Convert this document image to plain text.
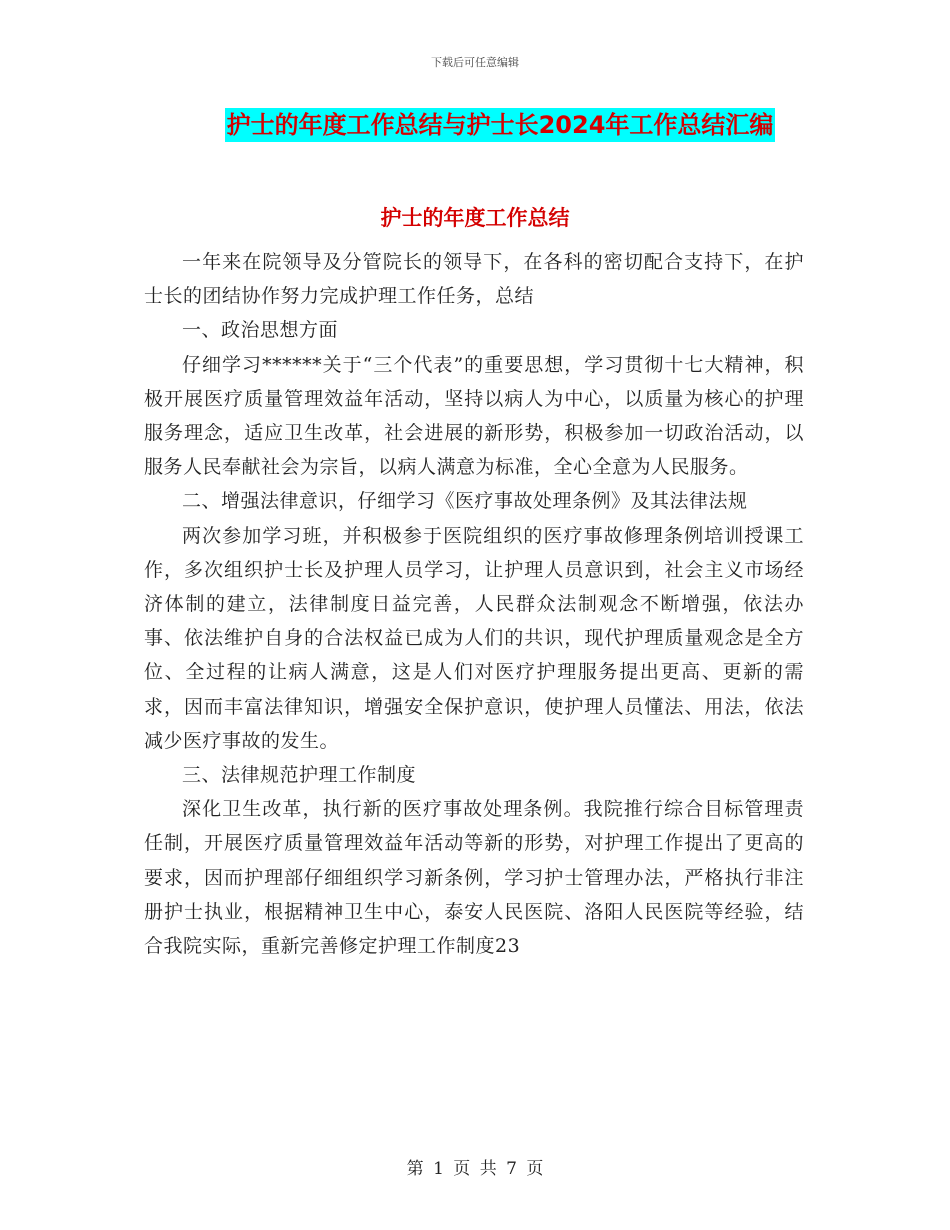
下载后可任意编辑
护士的年度工作总结与护士长2024年工作总结汇编
护士的年度工作总结

一年来在院领导及分管院长的领导下，在各科的密切配合支持下，在护士长的团结协作努力完成护理工作任务，总结

一、政治思想方面

仔细学习******关于“三个代表”的重要思想，学习贯彻十七大精神，积极开展医疗质量管理效益年活动，坚持以病人为中心，以质量为核心的护理服务理念，适应卫生改革，社会进展的新形势，积极参加一切政治活动，以服务人民奉献社会为宗旨，以病人满意为标准，全心全意为人民服务。

二、增强法律意识，仔细学习《医疗事故处理条例》及其法律法规

两次参加学习班，并积极参于医院组织的医疗事故修理条例培训授课工作，多次组织护士长及护理人员学习，让护理人员意识到，社会主义市场经济体制的建立，法律制度日益完善，人民群众法制观念不断增强，依法办事、依法维护自身的合法权益已成为人们的共识，现代护理质量观念是全方位、全过程的让病人满意，这是人们对医疗护理服务提出更高、更新的需求，因而丰富法律知识，增强安全保护意识，使护理人员懂法、用法，依法减少医疗事故的发生。

三、法律规范护理工作制度

深化卫生改革，执行新的医疗事故处理条例。我院推行综合目标管理责任制，开展医疗质量管理效益年活动等新的形势，对护理工作提出了更高的要求，因而护理部仔细组织学习新条例，学习护士管理办法，严格执行非注册护士执业，根据精神卫生中心，泰安人民医院、洛阳人民医院等经验，结合我院实际，重新完善修定护理工作制度23

第 1 页 共 7 页
